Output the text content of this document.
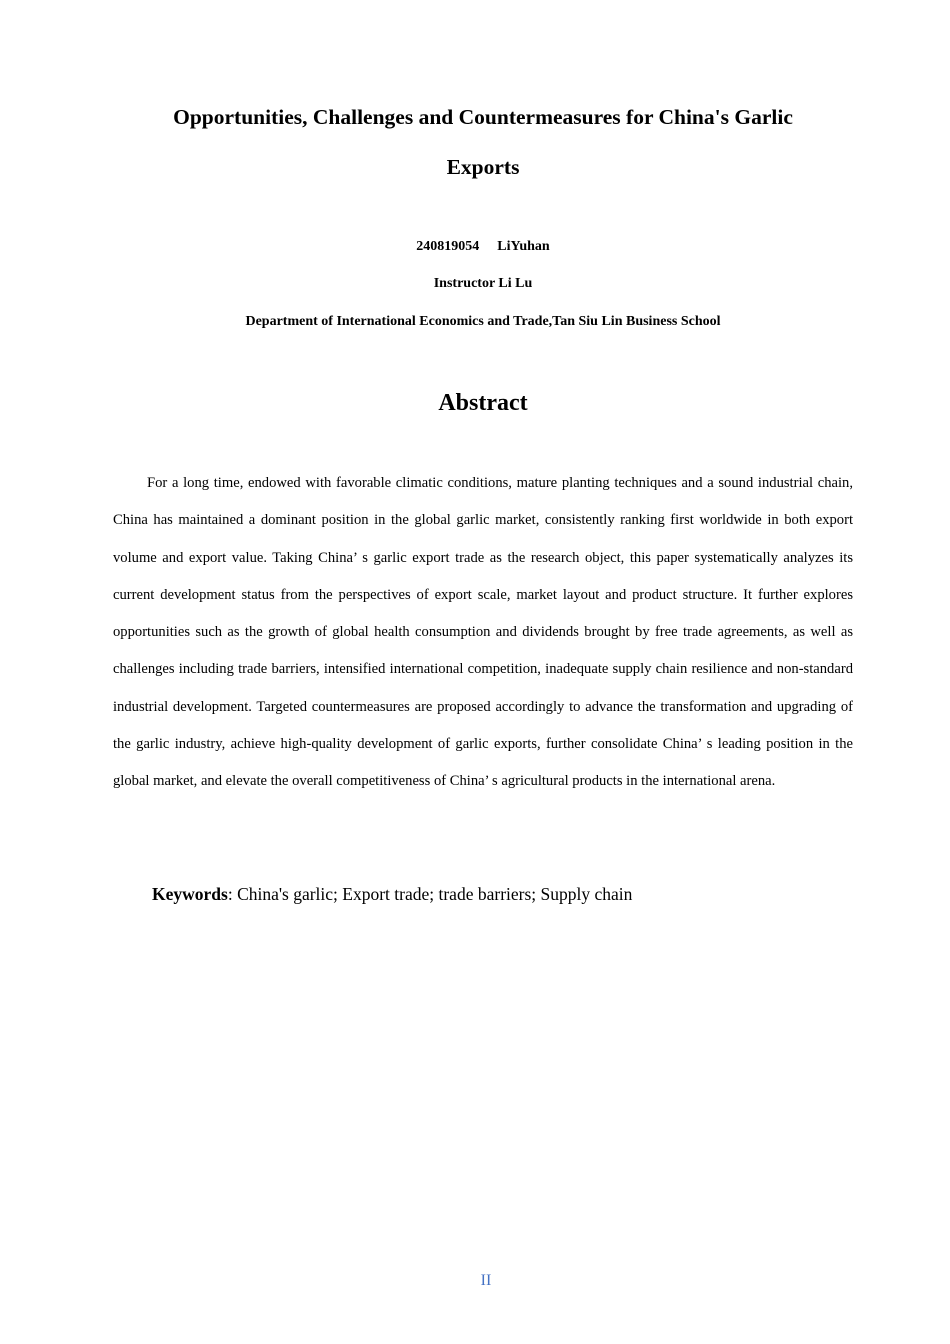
Opportunities, Challenges and Countermeasures for China's Garlic
Exports

240819054 LiYuhan

Instructor Li Lu

Department of International Economics and Trade,Tan Siu Lin Business School

Abstract

For a long time, endowed with favorable climatic conditions, mature planting techniques and a sound industrial chain, China has maintained a dominant position in the global garlic market, consistently ranking first worldwide in both export volume and export value. Taking China’ s garlic export trade as the research object, this paper systematically analyzes its current development status from the perspectives of export scale, market layout and product structure. It further explores opportunities such as the growth of global health consumption and dividends brought by free trade agreements, as well as challenges including trade barriers, intensified international competition, inadequate supply chain resilience and non-standard industrial development. Targeted countermeasures are proposed accordingly to advance the transformation and upgrading of the garlic industry, achieve high-quality development of garlic exports, further consolidate China’ s leading position in the global market, and elevate the overall competitiveness of China’ s agricultural products in the international arena.

Keywords: China's garlic; Export trade; trade barriers; Supply chain

II
